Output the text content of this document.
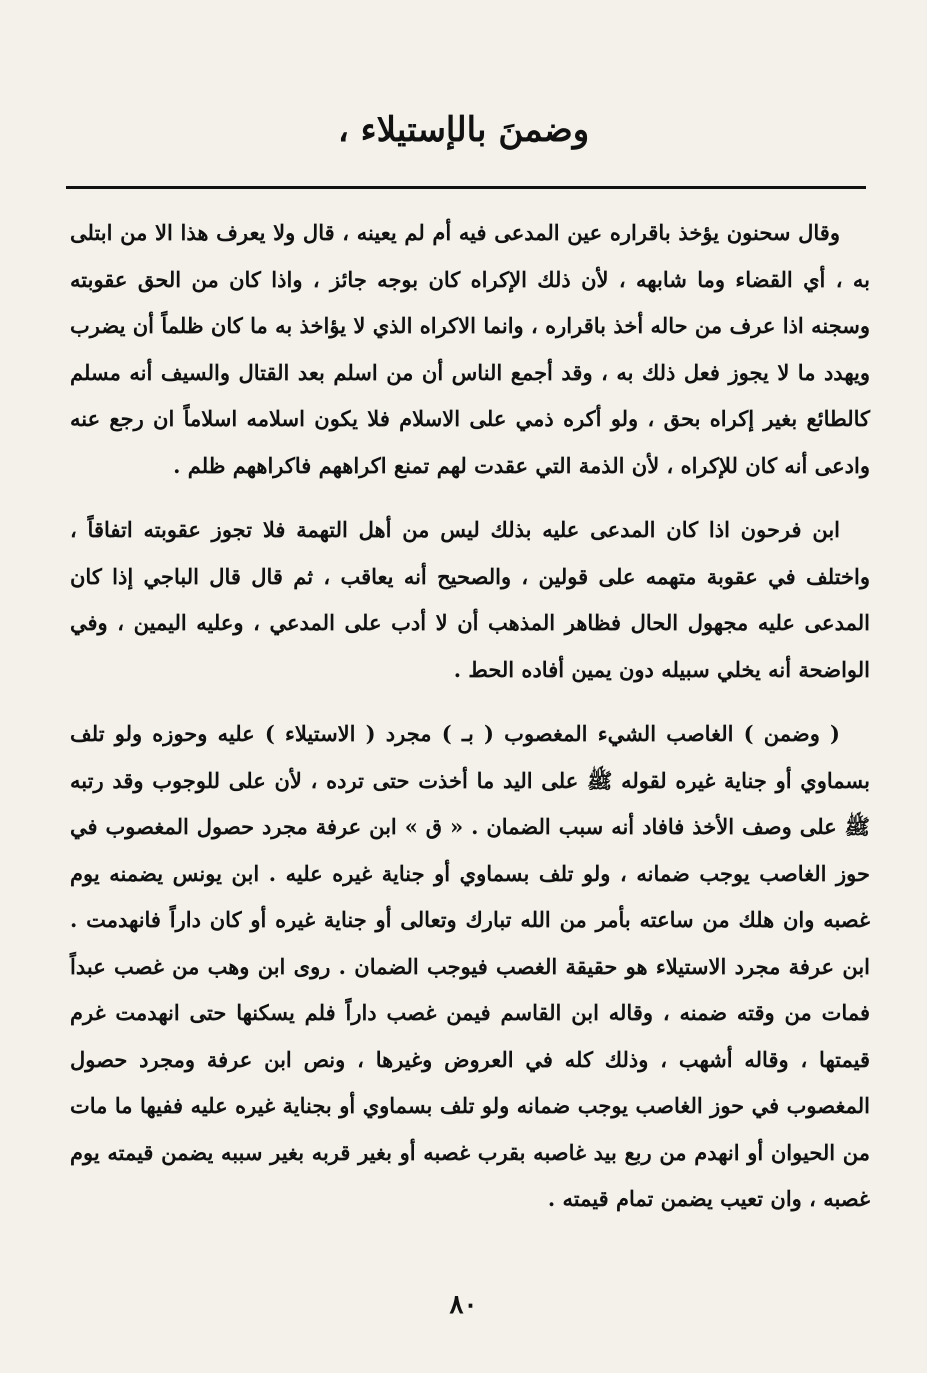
وضمنَ بالإستيلاء ،

وقال سحنون يؤخذ باقراره عين المدعى فيه أم لم يعينه ، قال ولا يعرف هذا الا من ابتلى به ، أي القضاء وما شابهه ، لأن ذلك الإكراه كان بوجه جائز ، واذا كان من الحق عقوبته وسجنه اذا عرف من حاله أخذ باقراره ، وانما الاكراه الذي لا يؤاخذ به ما كان ظلماً أن يضرب ويهدد ما لا يجوز فعل ذلك به ، وقد أجمع الناس أن من اسلم بعد القتال والسيف أنه مسلم كالطائع بغير إكراه بحق ، ولو أكره ذمي على الاسلام فلا يكون اسلامه اسلاماً ان رجع عنه وادعى أنه كان للإكراه ، لأن الذمة التي عقدت لهم تمنع اكراههم فاكراههم ظلم .

ابن فرحون اذا كان المدعى عليه بذلك ليس من أهل التهمة فلا تجوز عقوبته اتفاقاً ، واختلف في عقوبة متهمه على قولين ، والصحيح أنه يعاقب ، ثم قال قال الباجي إذا كان المدعى عليه مجهول الحال فظاهر المذهب أن لا أدب على المدعي ، وعليه اليمين ، وفي الواضحة أنه يخلي سبيله دون يمين أفاده الحط .

( وضمن ) الغاصب الشيء المغصوب ( بـ ) مجرد ( الاستيلاء ) عليه وحوزه ولو تلف بسماوي أو جناية غيره لقوله ﷺ على اليد ما أخذت حتى ترده ، لأن على للوجوب وقد رتبه ﷺ على وصف الأخذ فافاد أنه سبب الضمان . « ق » ابن عرفة مجرد حصول المغصوب في حوز الغاصب يوجب ضمانه ، ولو تلف بسماوي أو جناية غيره عليه . ابن يونس يضمنه يوم غصبه وان هلك من ساعته بأمر من الله تبارك وتعالى أو جناية غيره أو كان داراً فانهدمت . ابن عرفة مجرد الاستيلاء هو حقيقة الغصب فيوجب الضمان . روى ابن وهب من غصب عبداً فمات من وقته ضمنه ، وقاله ابن القاسم فيمن غصب داراً فلم يسكنها حتى انهدمت غرم قيمتها ، وقاله أشهب ، وذلك كله في العروض وغيرها ، ونص ابن عرفة ومجرد حصول المغصوب في حوز الغاصب يوجب ضمانه ولو تلف بسماوي أو بجناية غيره عليه ففيها ما مات من الحيوان أو انهدم من ربع بيد غاصبه بقرب غصبه أو بغير قربه بغير سببه يضمن قيمته يوم غصبه ، وان تعيب يضمن تمام قيمته .

٨٠
